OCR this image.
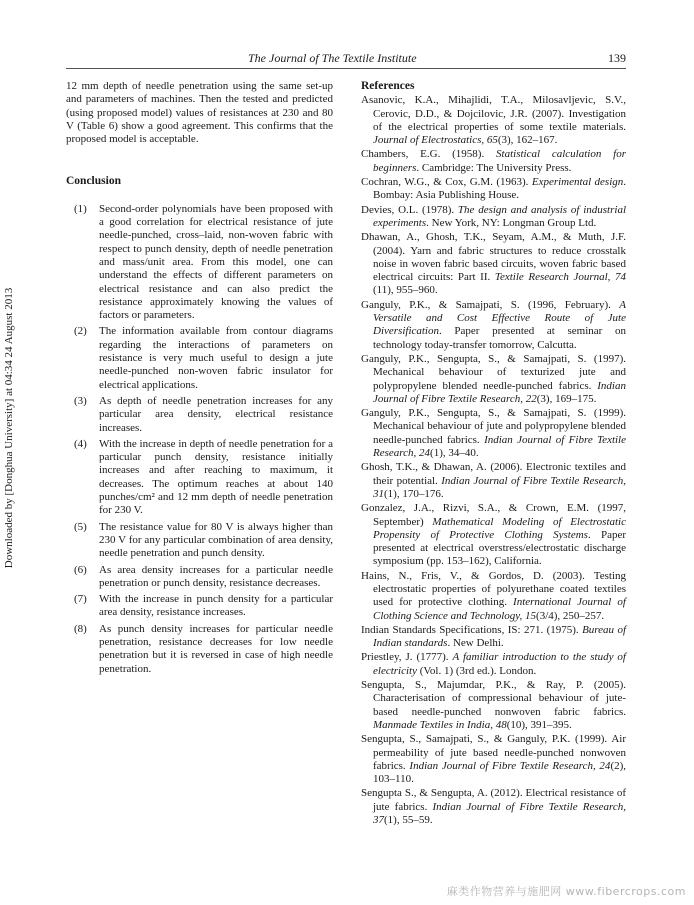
The Journal of The Textile Institute	139
Downloaded by [Donghua University] at 04:34 24 August 2013

12 mm depth of needle penetration using the same set-up and parameters of machines. Then the tested and predicted (using proposed model) values of resistances at 230 and 80 V (Table 6) show a good agreement. This confirms that the proposed model is acceptable.

Conclusion
(1) Second-order polynomials have been proposed with a good correlation for electrical resistance of jute needle-punched, cross–laid, non-woven fabric with respect to punch density, depth of needle penetration and mass/unit area. From this model, one can understand the effects of different parameters on electrical resistance and can also predict the resistance approximately knowing the values of factors or parameters.
(2) The information available from contour diagrams regarding the interactions of parameters on resistance is very much useful to design a jute needle-punched non-woven fabric insulator for electrical applications.
(3) As depth of needle penetration increases for any particular area density, electrical resistance increases.
(4) With the increase in depth of needle penetration for a particular punch density, resistance initially increases and after reaching to maximum, it decreases. The optimum reaches at about 140 punches/cm² and 12 mm depth of needle penetration for 230 V.
(5) The resistance value for 80 V is always higher than 230 V for any particular combination of area density, needle penetration and punch density.
(6) As area density increases for a particular needle penetration or punch density, resistance decreases.
(7) With the increase in punch density for a particular area density, resistance increases.
(8) As punch density increases for particular needle penetration, resistance decreases for low needle penetration but it is reversed in case of high needle penetration.
References
Asanovic, K.A., Mihajlidi, T.A., Milosavljevic, S.V., Cerovic, D.D., & Dojcilovic, J.R. (2007). Investigation of the electrical properties of some textile materials. Journal of Electrostatics, 65(3), 162–167.
Chambers, E.G. (1958). Statistical calculation for beginners. Cambridge: The University Press.
Cochran, W.G., & Cox, G.M. (1963). Experimental design. Bombay: Asia Publishing House.
Devies, O.L. (1978). The design and analysis of industrial experiments. New York, NY: Longman Group Ltd.
Dhawan, A., Ghosh, T.K., Seyam, A.M., & Muth, J.F. (2004). Yarn and fabric structures to reduce crosstalk noise in woven fabric based circuits, woven fabric based electrical circuits: Part II. Textile Research Journal, 74 (11), 955–960.
Ganguly, P.K., & Samajpati, S. (1996, February). A Versatile and Cost Effective Route of Jute Diversification. Paper presented at seminar on technology today-transfer tomorrow, Calcutta.
Ganguly, P.K., Sengupta, S., & Samajpati, S. (1997). Mechanical behaviour of texturized jute and polypropylene blended needle-punched fabrics. Indian Journal of Fibre Textile Research, 22(3), 169–175.
Ganguly, P.K., Sengupta, S., & Samajpati, S. (1999). Mechanical behaviour of jute and polypropylene blended needle-punched fabrics. Indian Journal of Fibre Textile Research, 24(1), 34–40.
Ghosh, T.K., & Dhawan, A. (2006). Electronic textiles and their potential. Indian Journal of Fibre Textile Research, 31(1), 170–176.
Gonzalez, J.A., Rizvi, S.A., & Crown, E.M. (1997, September) Mathematical Modeling of Electrostatic Propensity of Protective Clothing Systems. Paper presented at electrical overstress/electrostatic discharge symposium (pp. 153–162), California.
Hains, N., Fris, V., & Gordos, D. (2003). Testing electrostatic properties of polyurethane coated textiles used for protective clothing. International Journal of Clothing Science and Technology, 15(3/4), 250–257.
Indian Standards Specifications, IS: 271. (1975). Bureau of Indian standards. New Delhi.
Priestley, J. (1777). A familiar introduction to the study of electricity (Vol. 1) (3rd ed.). London.
Sengupta, S., Majumdar, P.K., & Ray, P. (2005). Characterisation of compressional behaviour of jute-based needle-punched nonwoven fabric fabrics. Manmade Textiles in India, 48(10), 391–395.
Sengupta, S., Samajpati, S., & Ganguly, P.K. (1999). Air permeability of jute based needle-punched nonwoven fabrics. Indian Journal of Fibre Textile Research, 24(2), 103–110.
Sengupta S., & Sengupta, A. (2012). Electrical resistance of jute fabrics. Indian Journal of Fibre Textile Research, 37(1), 55–59.
麻类作物营养与施肥网 www.fibercrops.com
